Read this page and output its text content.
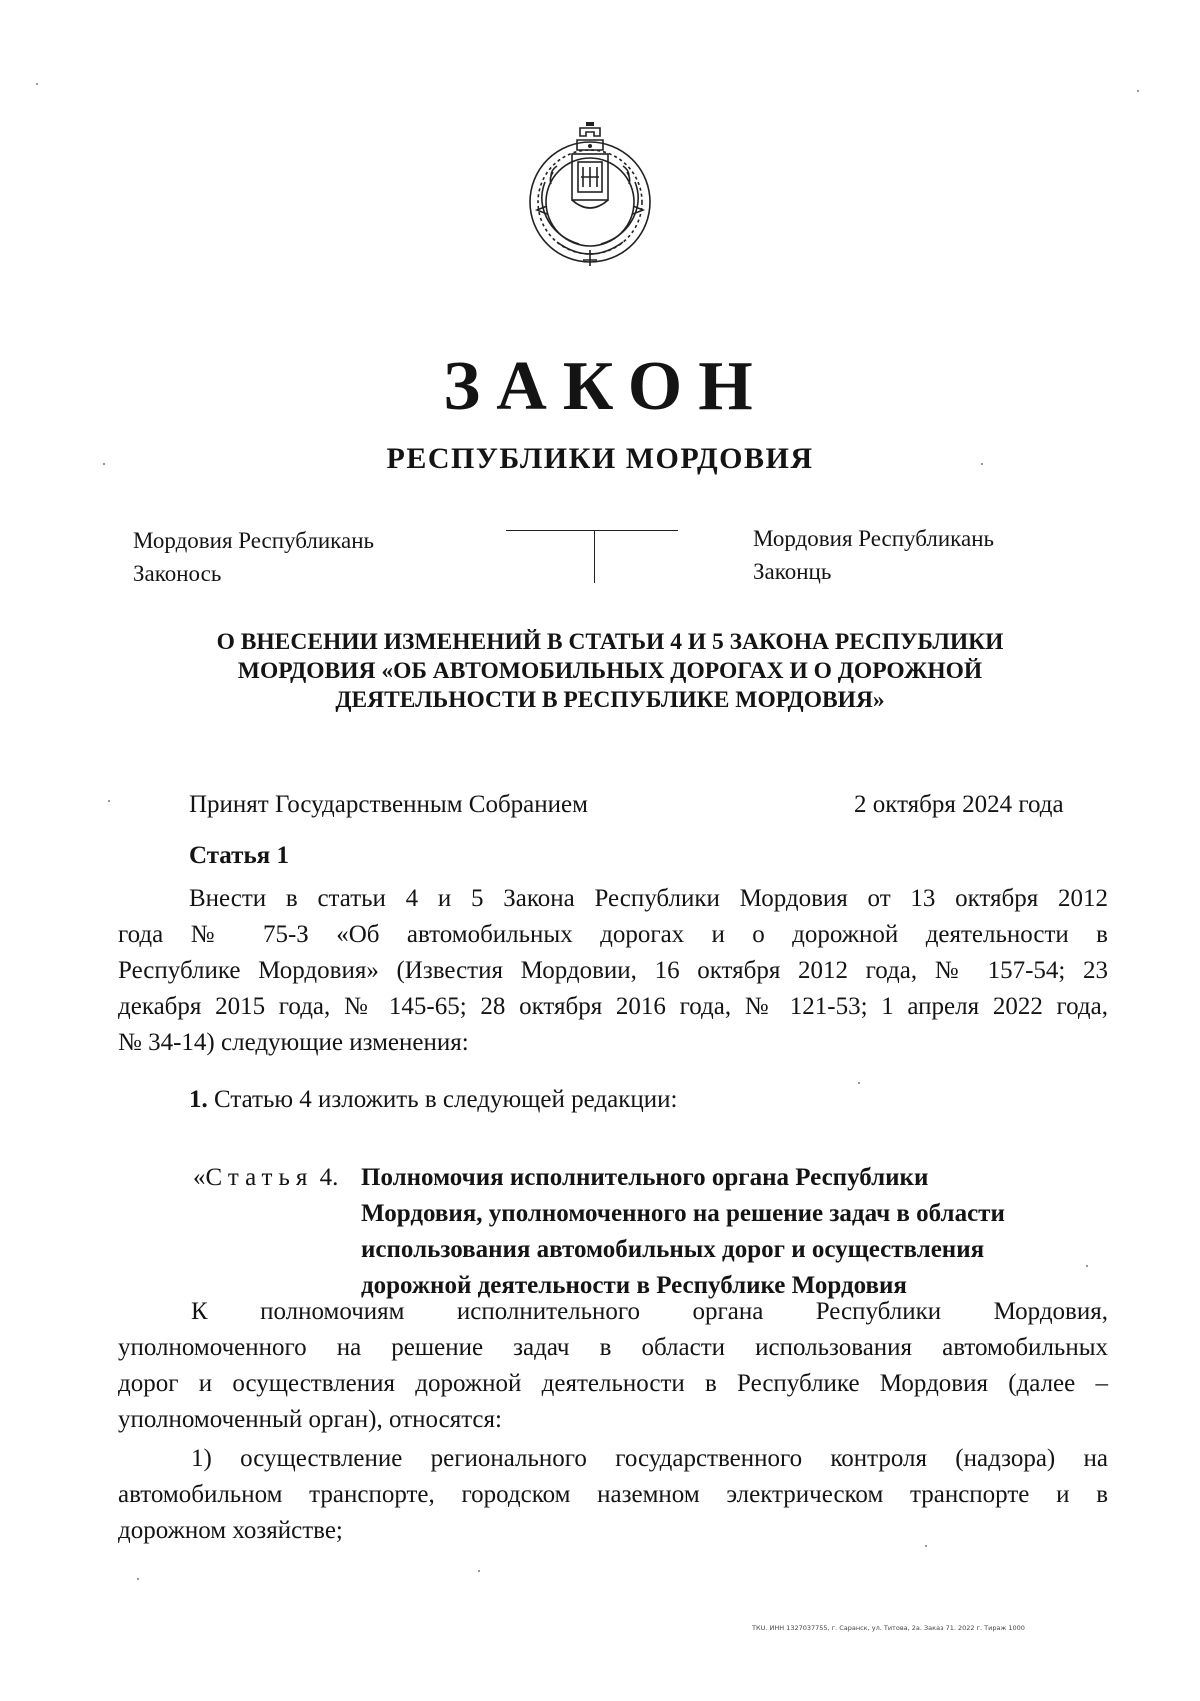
ЗАКОН
РЕСПУБЛИКИ МОРДОВИЯ
Мордовия Республикань
Законось
Мордовия Республикань
Законць
О ВНЕСЕНИИ ИЗМЕНЕНИЙ В СТАТЬИ 4 И 5 ЗАКОНА РЕСПУБЛИКИ
МОРДОВИЯ «ОБ АВТОМОБИЛЬНЫХ ДОРОГАХ И О ДОРОЖНОЙ
ДЕЯТЕЛЬНОСТИ В РЕСПУБЛИКЕ МОРДОВИЯ»
Принят Государственным Собранием	2 октября 2024 года
Статья 1
Внести в статьи 4 и 5 Закона Республики Мордовия от 13 октября 2012
года № 75-З «Об автомобильных дорогах и о дорожной деятельности в
Республике Мордовия» (Известия Мордовии, 16 октября 2012 года, № 157-54; 23
декабря 2015 года, № 145-65; 28 октября 2016 года, № 121-53; 1 апреля 2022 года,
№ 34-14) следующие изменения:
1. Статью 4 изложить в следующей редакции:
«Статья 4. Полномочия исполнительного органа Республики
Мордовия, уполномоченного на решение задач в области
использования автомобильных дорог и осуществления
дорожной деятельности в Республике Мордовия
К полномочиям исполнительного органа Республики Мордовия,
уполномоченного на решение задач в области использования автомобильных
дорог и осуществления дорожной деятельности в Республике Мордовия (далее –
уполномоченный орган), относятся:
1) осуществление регионального государственного контроля (надзора) на
автомобильном транспорте, городском наземном электрическом транспорте и в
дорожном хозяйстве;
ТКU. ИНН 1327037755, г. Саранск, ул. Титова, 2а. Заказ 71. 2022 г. Тираж 1000
